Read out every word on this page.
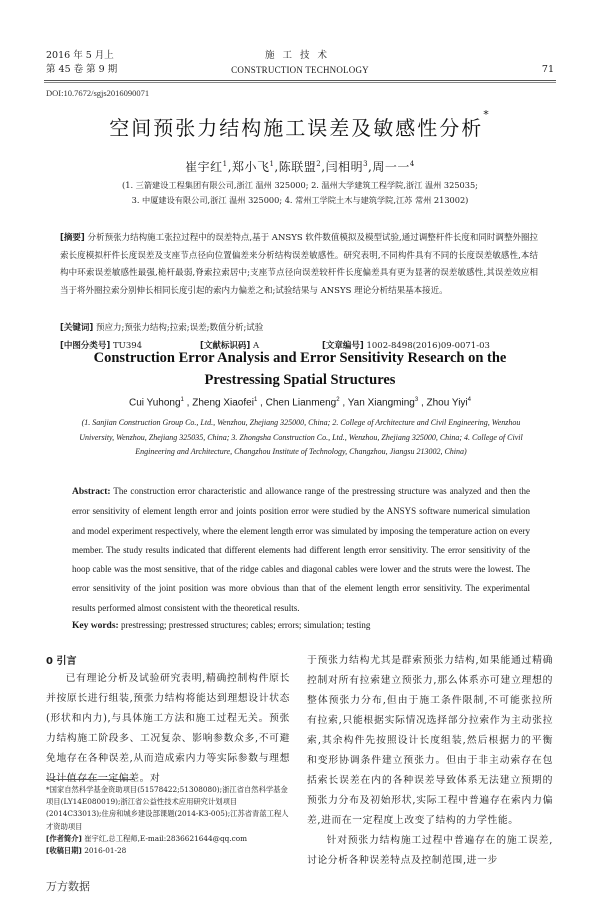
2016 年 5 月上
第 45 卷 第 9 期
施工技术
CONSTRUCTION TECHNOLOGY	71
DOI:10.7672/sgjs2016090071
空间预张力结构施工误差及敏感性分析*
崔宇红$^1$,郑小飞$^1$,陈联盟$^2$,闫相明$^3$,周一一$^4$
(1. 三箭建设工程集团有限公司,浙江 温州 325000; 2. 温州大学建筑工程学院,浙江 温州 325035;
3. 中厦建设有限公司,浙江 温州 325000; 4. 常州工学院土木与建筑学院,江苏 常州 213002)
[摘要] 分析预张力结构施工张拉过程中的误差特点,基于 ANSYS 软件数值模拟及模型试验,通过调整杆件长度和同时调整外圈拉索长度模拟杆件长度误差及支座节点径向位置偏差来分析结构误差敏感性。研究表明,不同构件具有不同的长度误差敏感性,本结构中环索误差敏感性最强,桅杆最弱,脊索拉索居中;支座节点径向误差较杆件长度偏差具有更为显著的误差敏感性,其误差效应相当于将外圈拉索分别伸长相同长度引起的索内力偏差之和;试验结果与 ANSYS 理论分析结果基本接近。
[关键词] 预应力;预张力结构;拉索;误差;数值分析;试验
[中图分类号] TU394	[文献标识码] A	[文章编号] 1002-8498(2016)09-0071-03
Construction Error Analysis and Error Sensitivity Research on the Prestressing Spatial Structures
Cui Yuhong$^1$ , Zheng Xiaofei$^1$ , Chen Lianmeng$^2$ , Yan Xiangming$^3$ , Zhou Yiyi$^4$
(1. Sanjian Construction Group Co., Ltd., Wenzhou, Zhejiang 325000, China; 2. College of Architecture and Civil Engineering, Wenzhou University, Wenzhou, Zhejiang 325035, China; 3. Zhongsha Construction Co., Ltd., Wenzhou, Zhejiang 325000, China; 4. College of Civil Engineering and Architecture, Changzhou Institute of Technology, Changzhou, Jiangsu 213002, China)
Abstract: The construction error characteristic and allowance range of the prestressing structure was analyzed and then the error sensitivity of element length error and joints position error were studied by the ANSYS software numerical simulation and model experiment respectively, where the element length error was simulated by imposing the temperature action on every member. The study results indicated that different elements had different length error sensitivity. The error sensitivity of the hoop cable was the most sensitive, that of the ridge cables and diagonal cables were lower and the struts were the lowest. The error sensitivity of the joint position was more obvious than that of the element length error sensitivity. The experimental results performed almost consistent with the theoretical results.
Key words: prestressing; prestressed structures; cables; errors; simulation; testing
0 引言

已有理论分析及试验研究表明,精确控制构件原长并按原长进行组装,预张力结构将能达到理想设计状态(形状和内力),与具体施工方法和施工过程无关。预张力结构施工阶段多、工况复杂、影响参数众多,不可避免地存在各种误差,从而造成索内力等实际参数与理想设计值存在一定偏差。对

于预张力结构尤其是群索预张力结构,如果能通过精确控制对所有拉索建立预张力,那么体系亦可建立理想的整体预张力分布,但由于施工条件限制,不可能张拉所有拉索,只能根据实际情况选择部分拉索作为主动张拉索,其余构件先按照设计长度组装,然后根据力的平衡和变形协调条件建立预张力。但由于非主动索存在包括索长误差在内的各种误差导致体系无法建立预期的预张力分布及初始形状,实际工程中普遍存在索内力偏差,进而在一定程度上改变了结构的力学性能。

针对预张力结构施工过程中普遍存在的施工误差,讨论分析各种误差特点及控制范围,进一步

*国家自然科学基金资助项目(51578422;51308080);浙江省自然科学基金项目(LY14E080019);浙江省公益性技术应用研究计划项目(2014C33013);住房和城乡建设部课题(2014-K3-005);江苏省青蓝工程人才资助项目
[作者简介] 崔宇红,总工程师,E-mail:2836621644@qq.com
[收稿日期] 2016-01-28
万方数据
